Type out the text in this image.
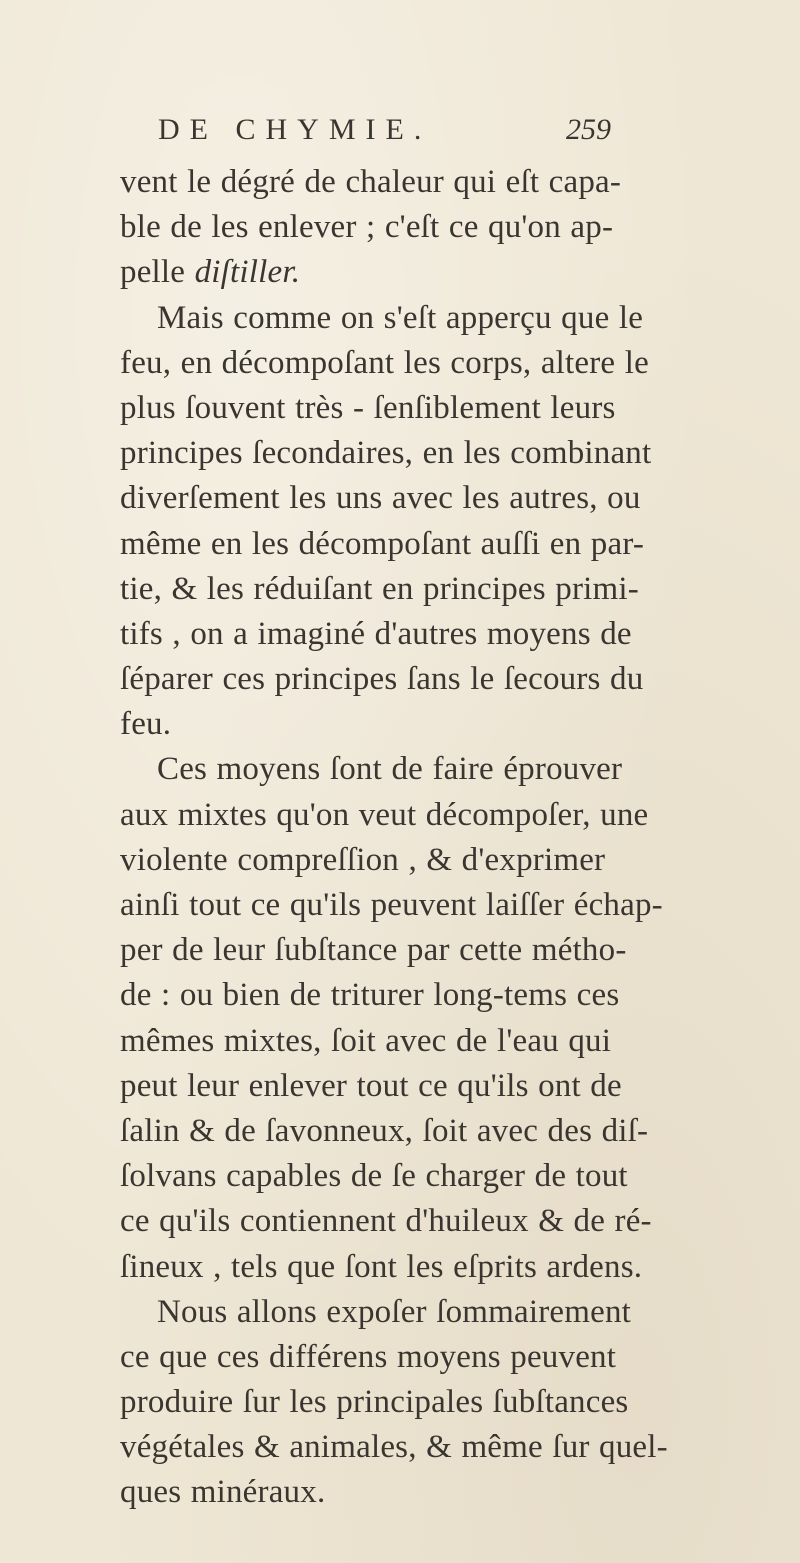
DE CHYMIE.	259
vent le dégré de chaleur qui eſt capa-
ble de les enlever ; c'eſt ce qu'on ap-
pelle diſtiller.
Mais comme on s'eſt apperçu que le
feu, en décompoſant les corps, altere le
plus ſouvent très - ſenſiblement leurs
principes ſecondaires, en les combinant
diverſement les uns avec les autres, ou
même en les décompoſant auſſi en par-
tie, & les réduiſant en principes primi-
tifs , on a imaginé d'autres moyens de
ſéparer ces principes ſans le ſecours du
feu.
Ces moyens ſont de faire éprouver
aux mixtes qu'on veut décompoſer, une
violente compreſſion , & d'exprimer
ainſi tout ce qu'ils peuvent laiſſer échap-
per de leur ſubſtance par cette métho-
de : ou bien de triturer long-tems ces
mêmes mixtes, ſoit avec de l'eau qui
peut leur enlever tout ce qu'ils ont de
ſalin & de ſavonneux, ſoit avec des diſ-
ſolvans capables de ſe charger de tout
ce qu'ils contiennent d'huileux & de ré-
ſineux , tels que ſont les eſprits ardens.
Nous allons expoſer ſommairement
ce que ces différens moyens peuvent
produire ſur les principales ſubſtances
végétales & animales, & même ſur quel-
ques minéraux.
